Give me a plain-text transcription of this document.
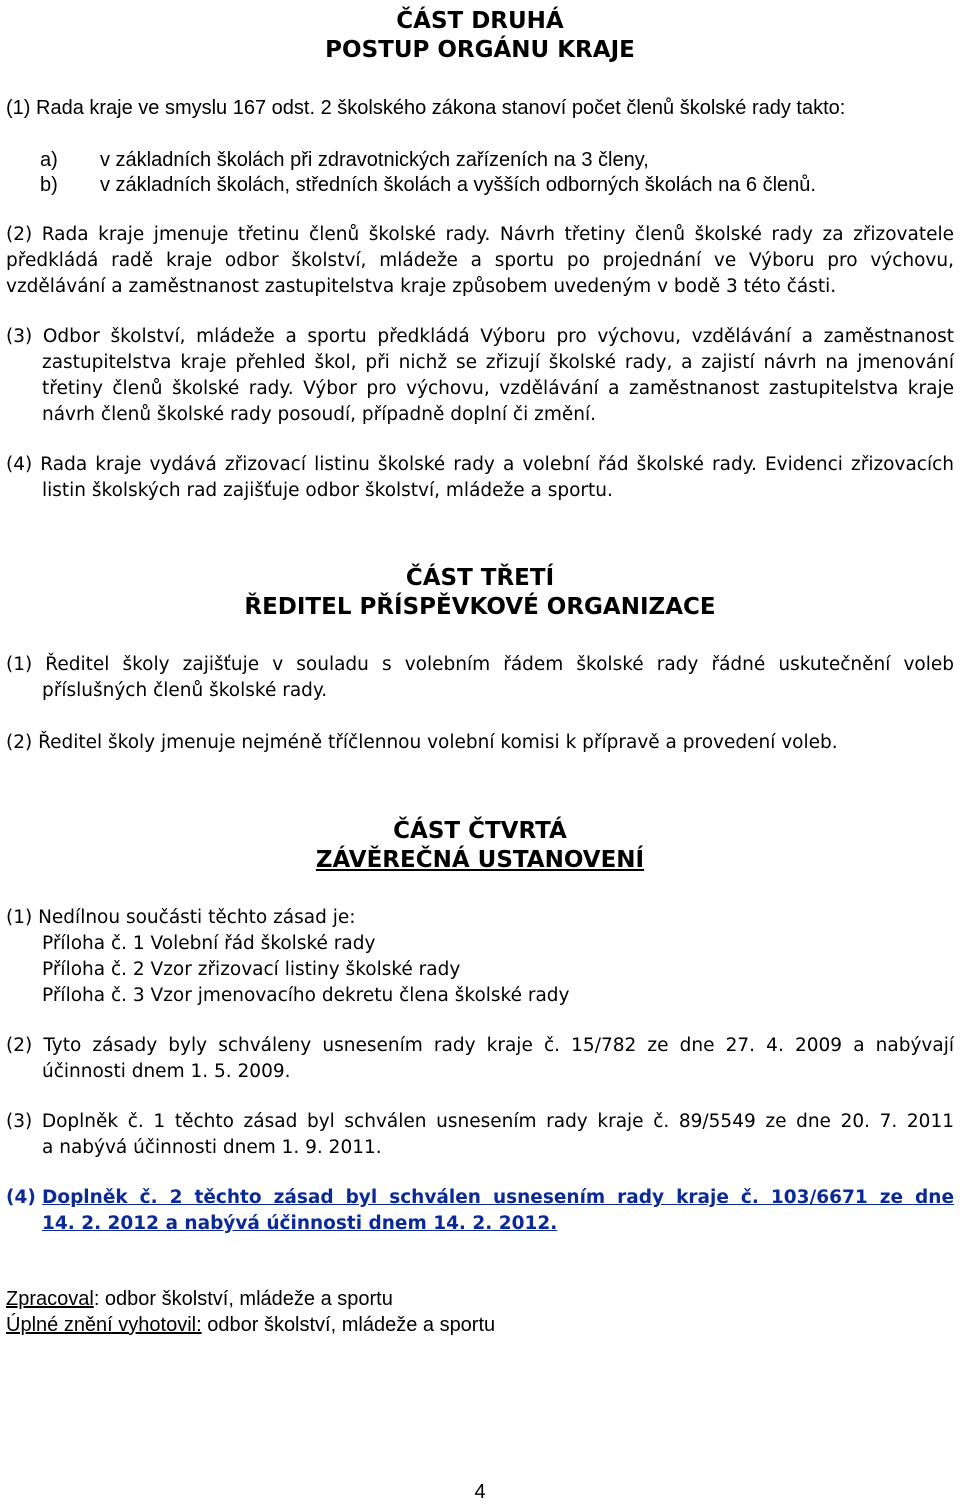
ČÁST DRUHÁ
POSTUP ORGÁNU KRAJE
(1) Rada kraje ve smyslu 167 odst. 2 školského zákona stanoví počet členů školské rady takto:
a) v základních školách při zdravotnických zařízeních na 3 členy,
b) v základních školách, středních školách a vyšších odborných školách na 6 členů.
(2) Rada kraje jmenuje třetinu členů školské rady. Návrh třetiny členů školské rady za zřizovatele
předkládá radě kraje odbor školství, mládeže a sportu po projednání ve Výboru pro výchovu,
vzdělávání a zaměstnanost zastupitelstva kraje způsobem uvedeným v bodě 3 této části.
(3) Odbor školství, mládeže a sportu předkládá Výboru pro výchovu, vzdělávání a zaměstnanost
zastupitelstva kraje přehled škol, při nichž se zřizují školské rady, a zajistí návrh na jmenování
třetiny členů školské rady. Výbor pro výchovu, vzdělávání a zaměstnanost zastupitelstva kraje
návrh členů školské rady posoudí, případně doplní či změní.
(4) Rada kraje vydává zřizovací listinu školské rady a volební řád školské rady. Evidenci zřizovacích
listin školských rad zajišťuje odbor školství, mládeže a sportu.
ČÁST TŘETÍ
ŘEDITEL PŘÍSPĚVKOVÉ ORGANIZACE
(1) Ředitel školy zajišťuje v souladu s volebním řádem školské rady řádné uskutečnění voleb
příslušných členů školské rady.
(2) Ředitel školy jmenuje nejméně tříčlennou volební komisi k přípravě a provedení voleb.
ČÁST ČTVRTÁ
ZÁVĚREČNÁ USTANOVENÍ
(1) Nedílnou součásti těchto zásad je:
Příloha č. 1 Volební řád školské rady
Příloha č. 2 Vzor zřizovací listiny školské rady
Příloha č. 3 Vzor jmenovacího dekretu člena školské rady
(2) Tyto zásady byly schváleny usnesením rady kraje č. 15/782 ze dne 27. 4. 2009 a nabývají
účinnosti dnem 1. 5. 2009.
(3) Doplněk č. 1 těchto zásad byl schválen usnesením rady kraje č. 89/5549 ze dne 20. 7. 2011
a nabývá účinnosti dnem 1. 9. 2011.
(4) Doplněk č. 2 těchto zásad byl schválen usnesením rady kraje č. 103/6671 ze dne
14. 2. 2012 a nabývá účinnosti dnem 14. 2. 2012.
Zpracoval: odbor školství, mládeže a sportu
Úplné znění vyhotovil: odbor školství, mládeže a sportu
4
